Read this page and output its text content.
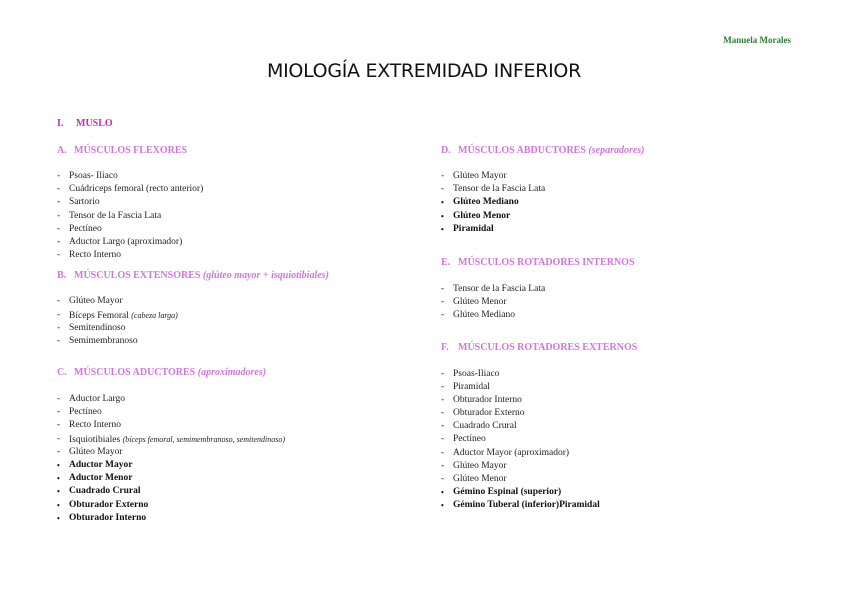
Manuela Morales
MIOLOGÍA EXTREMIDAD INFERIOR
I. MUSLO
A. MÚSCULOS FLEXORES
- Psoas- Iliaco
- Cuádriceps femoral (recto anterior)
- Sartorio
- Tensor de la Fascia Lata
- Pectíneo
- Aductor Largo (aproximador)
- Recto Interno
B. MÚSCULOS EXTENSORES (glúteo mayor + isquiotibiales)
- Glúteo Mayor
- Bíceps Femoral (cabeza larga)
- Semitendinoso
- Semimembranoso
C. MÚSCULOS ADUCTORES (aproximadores)
- Aductor Largo
- Pectíneo
- Recto Interno
- Isquiotibiales (bíceps femoral, semimembranoso, semitendinoso)
- Glúteo Mayor
• Aductor Mayor
• Aductor Menor
• Cuadrado Crural
• Obturador Externo
• Obturador Interno
D. MÚSCULOS ABDUCTORES (separadores)
- Glúteo Mayor
- Tensor de la Fascia Lata
• Glúteo Mediano
• Glúteo Menor
• Piramidal
E. MÚSCULOS ROTADORES INTERNOS
- Tensor de la Fascia Lata
- Glúteo Menor
- Glúteo Mediano
F. MÚSCULOS ROTADORES EXTERNOS
- Psoas-Iliaco
- Piramidal
- Obturador Interno
- Obturador Externo
- Cuadrado Crural
- Pectíneo
- Aductor Mayor (aproximador)
- Glúteo Mayor
- Glúteo Menor
• Gémino Espinal (superior)
• Gémino Tuberal (inferior)Piramidal
